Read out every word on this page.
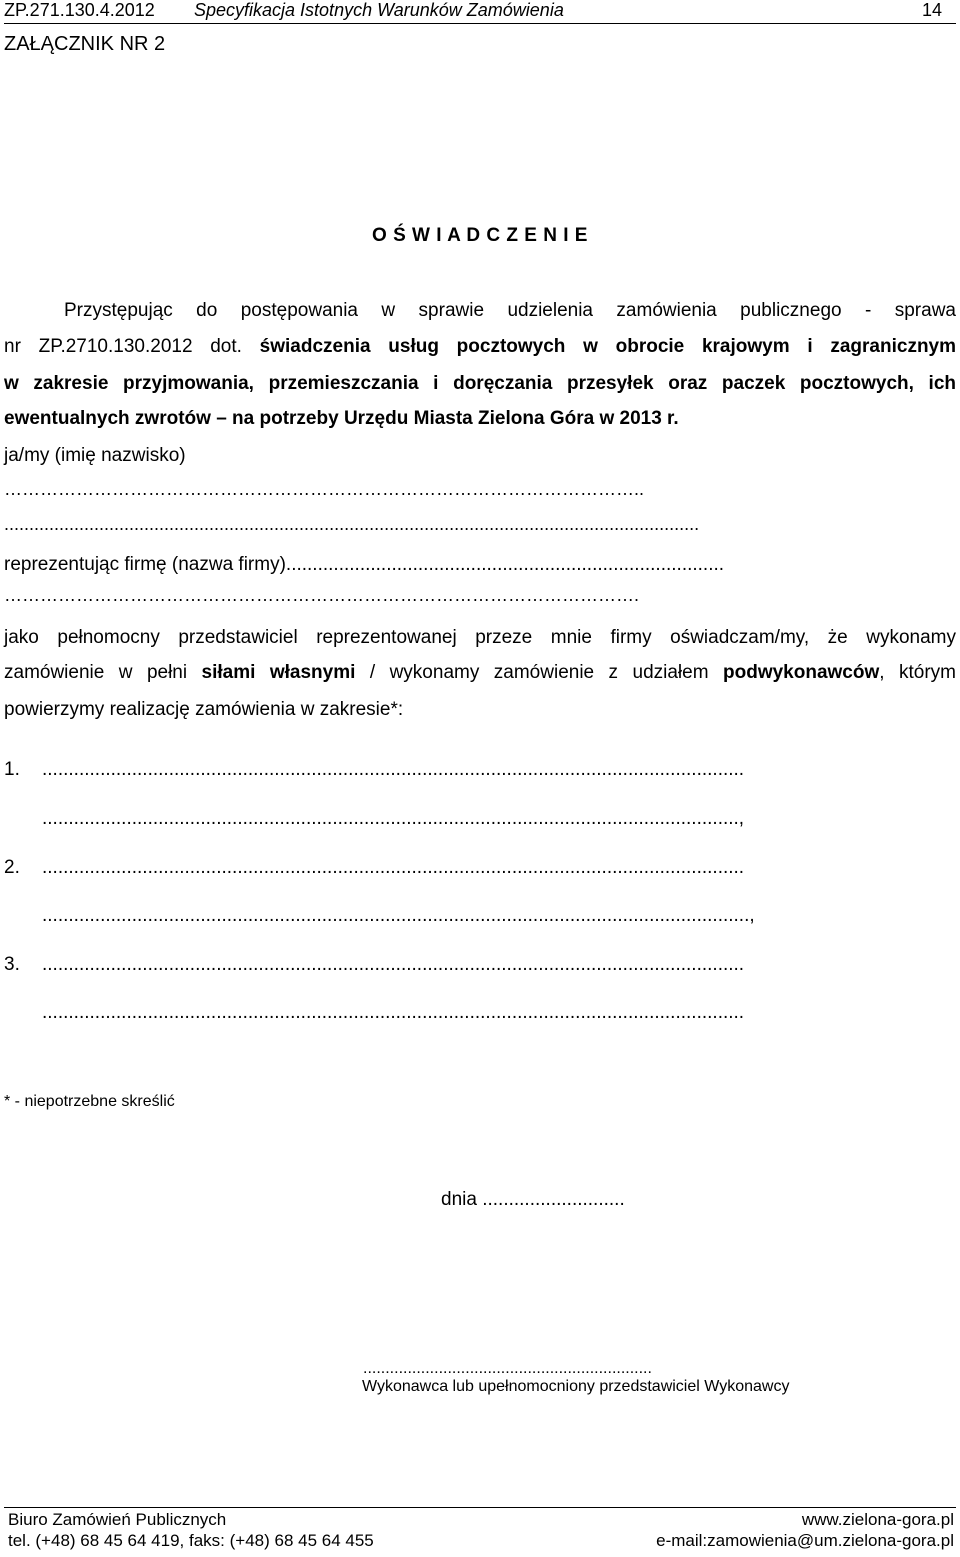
ZP.271.130.4.2012 Specyfikacja Istotnych Warunków Zamówienia	14
ZAŁĄCZNIK NR 2
O Ś W I A D C Z E N I E
Przystępując do postępowania w sprawie udzielenia zamówienia publicznego - sprawa
nr ZP.2710.130.2012 dot. świadczenia usług pocztowych w obrocie krajowym i zagranicznym
w zakresie przyjmowania, przemieszczania i doręczania przesyłek oraz paczek pocztowych, ich
ewentualnych zwrotów – na potrzeby Urzędu Miasta Zielona Góra w 2013 r.
ja/my (imię nazwisko)
……………………………………………………………………………………………..
...........................................................................................................................................
reprezentując firmę (nazwa firmy)...................................................................................
…………………………………………………………………………………………….
jako pełnomocny przedstawiciel reprezentowanej przeze mnie firmy oświadczam/my, że wykonamy
zamówienie w pełni siłami własnymi / wykonamy zamówienie z udziałem podwykonawców, którym
powierzymy realizację zamówienia w zakresie*:
1. .....................................................................................................................................
....................................................................................................................................,
2. .....................................................................................................................................
......................................................................................................................................,
3. .....................................................................................................................................
.....................................................................................................................................
* - niepotrzebne skreślić
dnia ...........................
.................................................................
Wykonawca lub upełnomocniony przedstawiciel Wykonawcy
Biuro Zamówień Publicznych	www.zielona-gora.pl
tel. (+48) 68 45 64 419, faks: (+48) 68 45 64 455	e-mail:zamowienia@um.zielona-gora.pl
